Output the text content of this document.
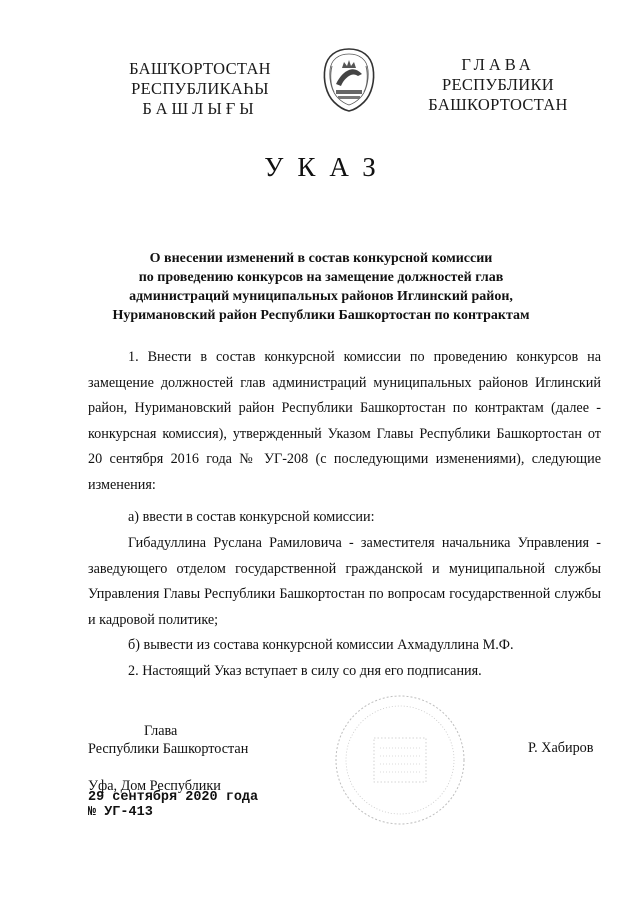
БАШҠОРТОСТАН
РЕСПУБЛИКАҺЫ
БАШЛЫҒЫ
ГЛАВА
РЕСПУБЛИКИ
БАШКОРТОСТАН
УКАЗ
О внесении изменений в состав конкурсной комиссии
по проведению конкурсов на замещение должностей глав
администраций муниципальных районов Иглинский район,
Нуримановский район Республики Башкортостан по контрактам
1. Внести в состав конкурсной комиссии по проведению конкурсов на замещение должностей глав администраций муниципальных районов Иглинский район, Нуримановский район Республики Башкортостан по контрактам (далее - конкурсная комиссия), утвержденный Указом Главы Республики Башкортостан от 20 сентября 2016 года № УГ-208 (с последующими изменениями), следующие изменения:
а) ввести в состав конкурсной комиссии:
Гибадуллина Руслана Рамиловича - заместителя начальника Управления - заведующего отделом государственной гражданской и муниципальной службы Управления Главы Республики Башкортостан по вопросам государственной службы и кадровой политике;
б) вывести из состава конкурсной комиссии Ахмадуллина М.Ф.
2. Настоящий Указ вступает в силу со дня его подписания.
Глава
Республики Башкортостан	Р. Хабиров
Уфа, Дом Республики
29 сентября 2020 года
№ УГ-413
